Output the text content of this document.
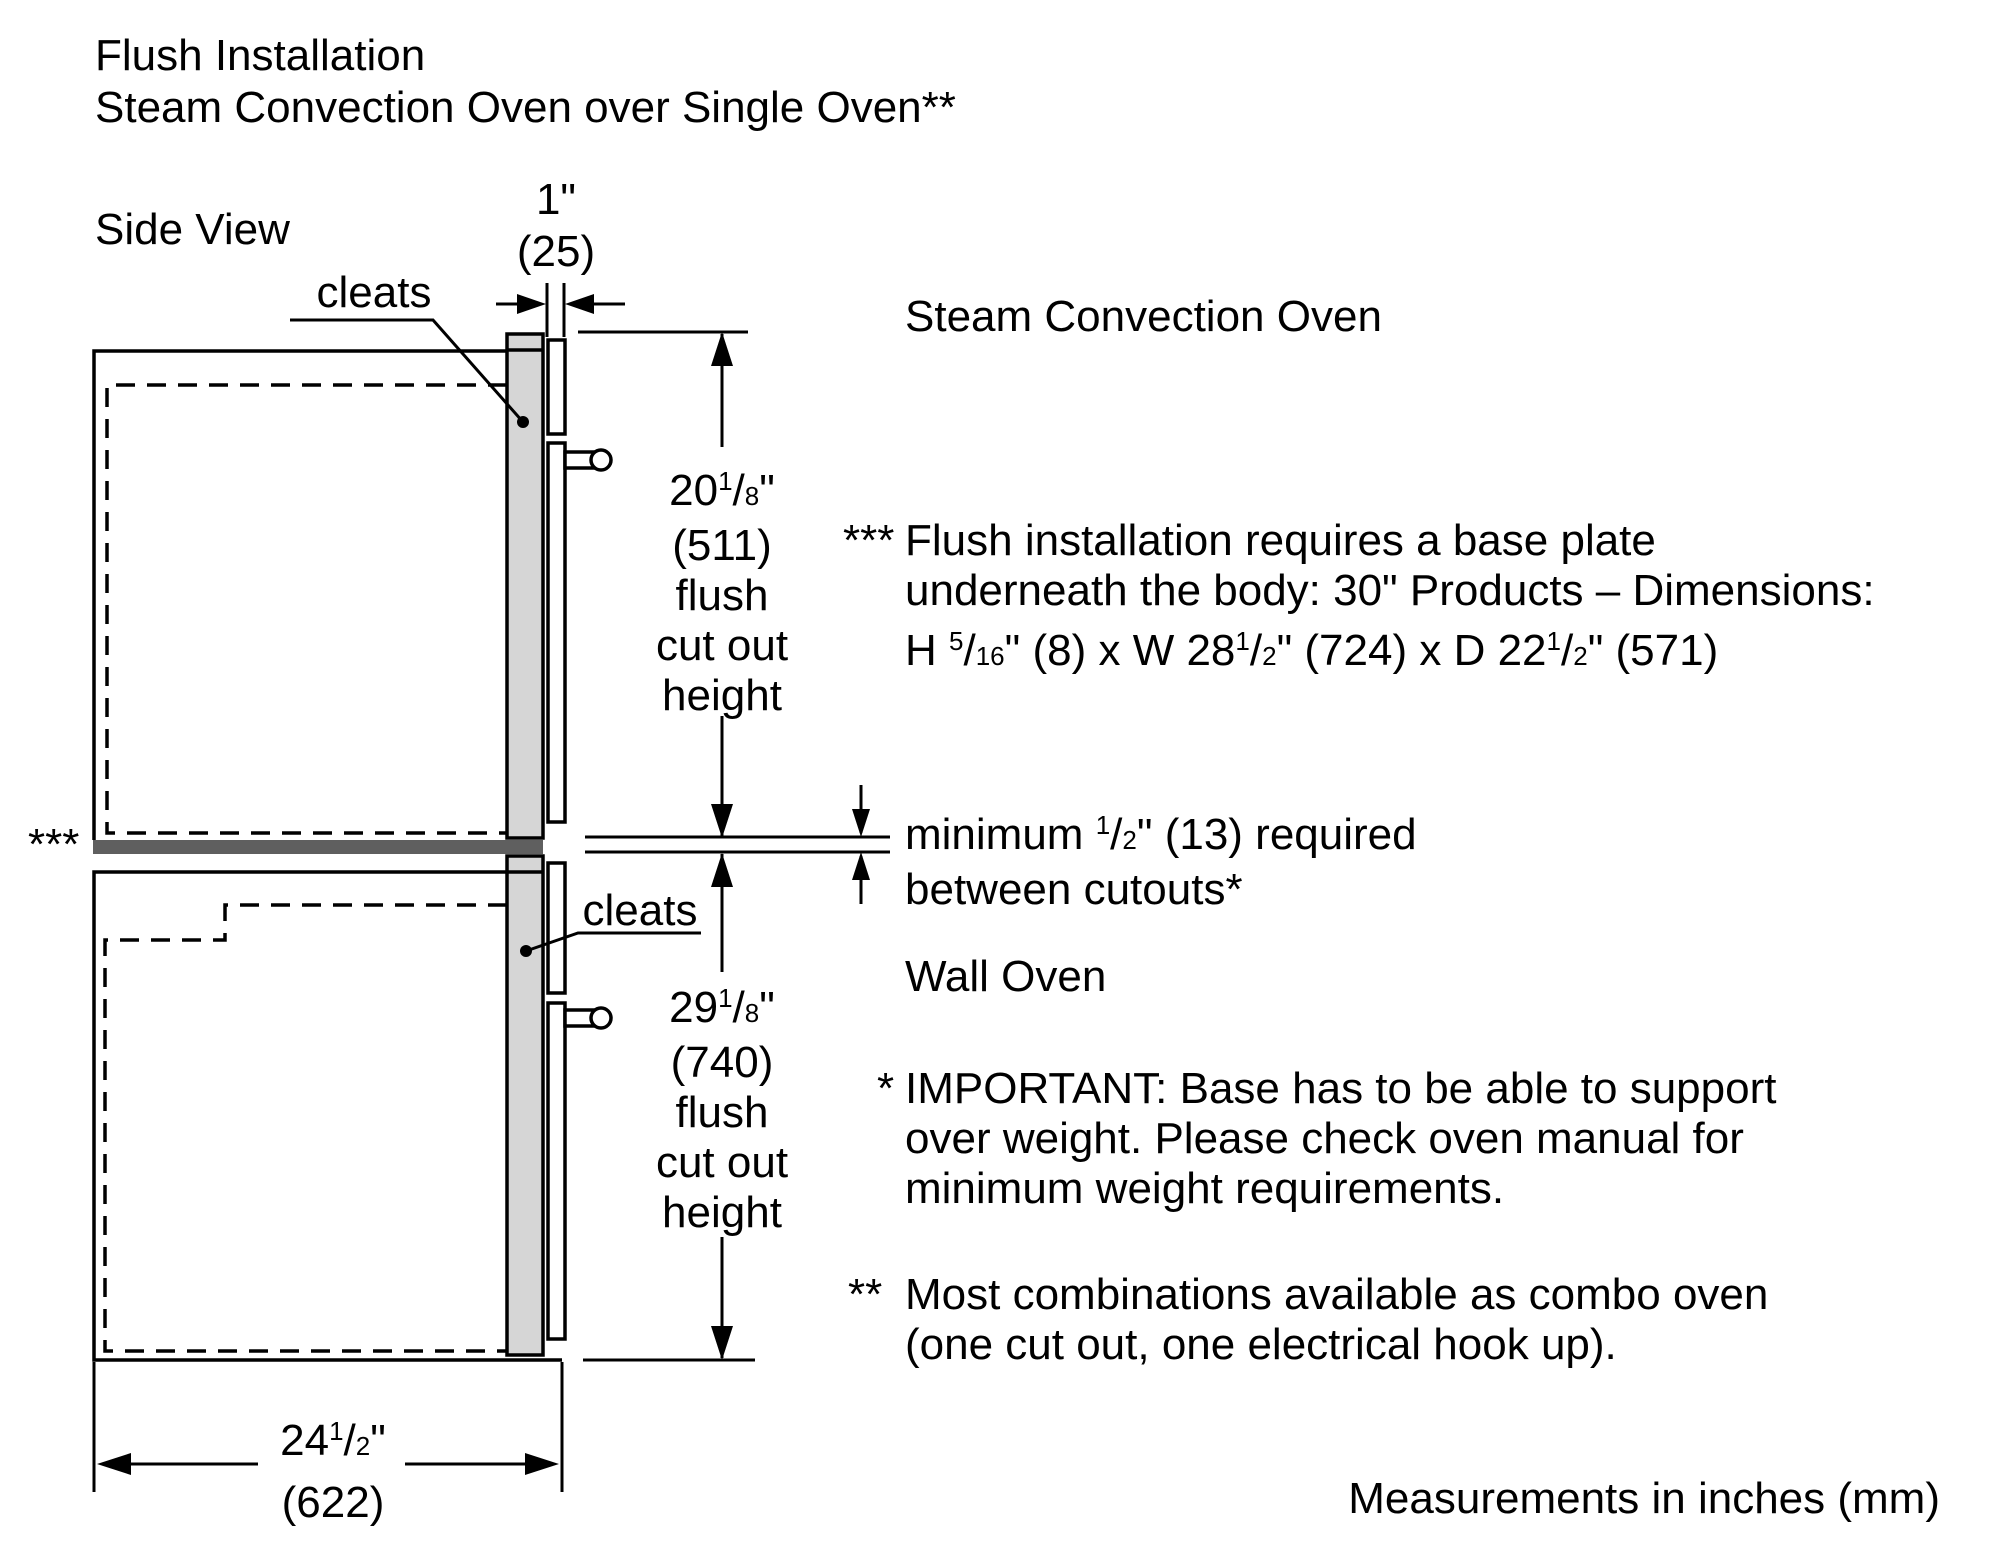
Flush Installation
Steam Convection Oven over Single Oven**
Side View
cleats
1"
(25)
Steam Convection Oven
20$^1$/8"
(511)
flush
cut out
height
*** Flush installation requires a base plate
underneath the body: 30" Products – Dimensions:
H $^5$/16" (8) x W 28$^1$/2" (724) x D 22$^1$/2" (571)
***	minimum $^1$/2" (13) required
between cutouts*
cleats
Wall Oven
29$^1$/8"
(740)
flush
cut out
height
* IMPORTANT: Base has to be able to support
over weight. Please check oven manual for
minimum weight requirements.
** Most combinations available as combo oven
(one cut out, one electrical hook up).
24$^1$/2"
(622)	Measurements in inches (mm)
